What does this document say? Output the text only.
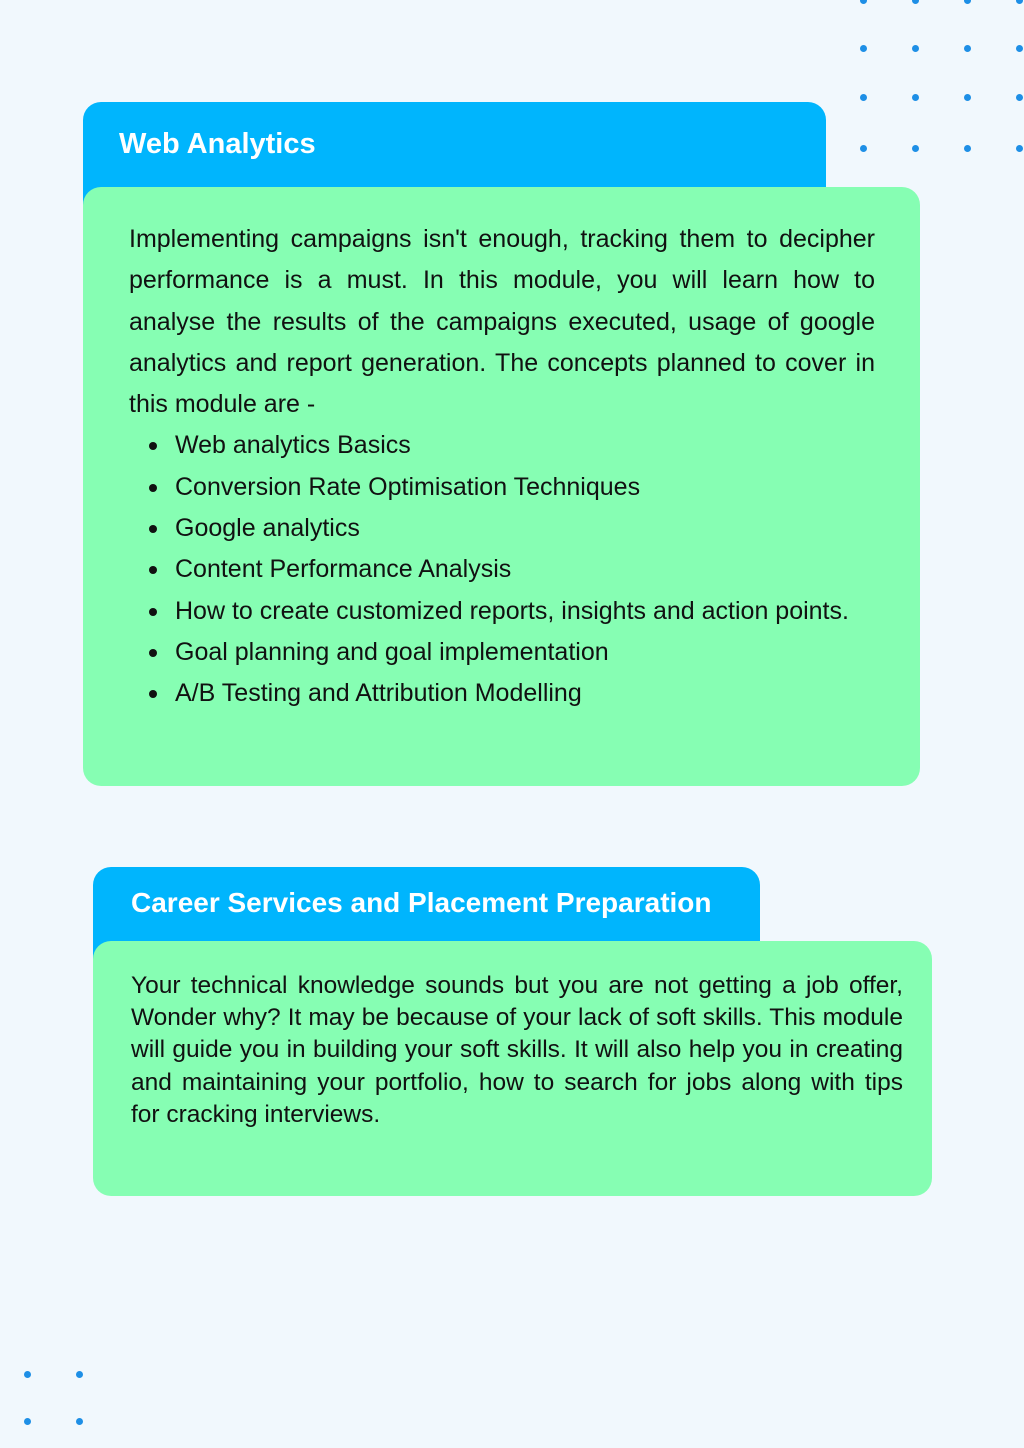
Web Analytics

Implementing campaigns isn't enough, tracking them to decipher performance is a must. In this module, you will learn how to analyse the results of the campaigns executed, usage of google analytics and report generation. The concepts planned to cover in this module are -

Web analytics Basics
Conversion Rate Optimisation Techniques
Google analytics
Content Performance Analysis
How to create customized reports, insights and action points.
Goal planning and goal implementation
A/B Testing and Attribution Modelling
Career Services and Placement Preparation

Your technical knowledge sounds but you are not getting a job offer, Wonder why? It may be because of your lack of soft skills. This module will guide you in building your soft skills. It will also help you in creating and maintaining your portfolio, how to search for jobs along with tips for cracking interviews.
